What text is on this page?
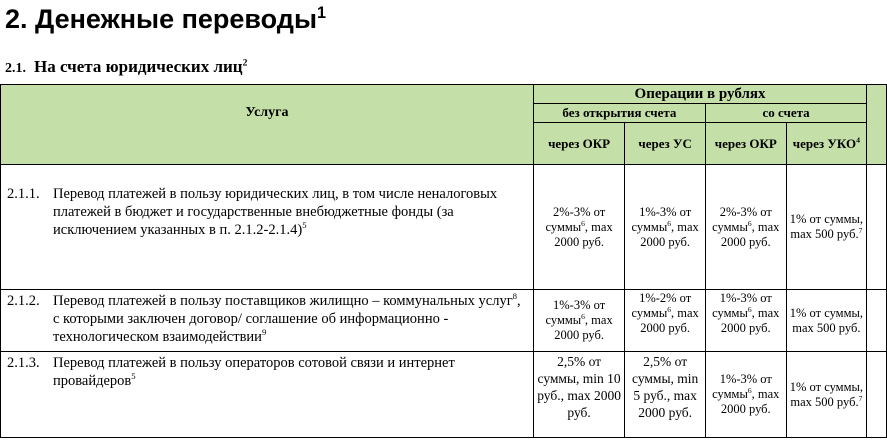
2. Денежные переводы$^1$
2.1. На счета юридических лиц$^2$
Услуга	Операции в рублях				
	без открытия счета		со счета		
	через ОКР	через УС	через ОКР	через УКО$^4$
2.1.1. Перевод платежей в пользу юридических лиц, в том числе неналоговых платежей в бюджет и государственные внебюджетные фонды (за исключением указанных в п. 2.1.2-2.1.4)$^5$	2%-3% от суммы$^6$, max 2000 руб.	1%-3% от суммы$^6$, max 2000 руб.	2%-3% от суммы$^6$, max 2000 руб.	1% от суммы, max 500 руб.$^7$	
2.1.2. Перевод платежей в пользу поставщиков жилищно – коммунальных услуг$^8$, с которыми заключен договор/ соглашение об информационно - технологическом взаимодействии$^9$	1%-3% от суммы$^6$, max 2000 руб.	1%-2% от суммы$^6$, max 2000 руб.	1%-3% от суммы$^6$, max 2000 руб.	1% от суммы, max 500 руб.	
2.1.3. Перевод платежей в пользу операторов сотовой связи и интернет провайдеров$^5$	2,5% от суммы, min 10 руб., max 2000 руб.	2,5% от суммы, min 5 руб., max 2000 руб.	1%-3% от суммы$^6$, max 2000 руб.	1% от суммы, max 500 руб.$^7$	
